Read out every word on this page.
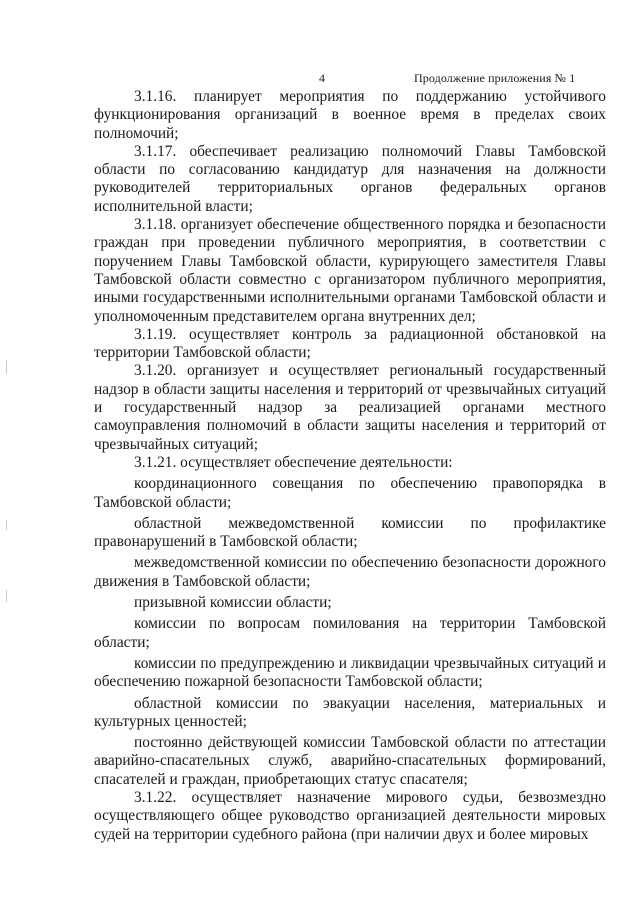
4	Продолжение приложения № 1

3.1.16. планирует мероприятия по поддержанию устойчивого функционирования организаций в военное время в пределах своих полномочий;

3.1.17. обеспечивает реализацию полномочий Главы Тамбовской области по согласованию кандидатур для назначения на должности руководителей территориальных органов федеральных органов исполнительной власти;

3.1.18. организует обеспечение общественного порядка и безопасности граждан при проведении публичного мероприятия, в соответствии с поручением Главы Тамбовской области, курирующего заместителя Главы Тамбовской области совместно с организатором публичного мероприятия, иными государственными исполнительными органами Тамбовской области и уполномоченным представителем органа внутренних дел;

3.1.19. осуществляет контроль за радиационной обстановкой на территории Тамбовской области;

3.1.20. организует и осуществляет региональный государственный надзор в области защиты населения и территорий от чрезвычайных ситуаций и государственный надзор за реализацией органами местного самоуправления полномочий в области защиты населения и территорий от чрезвычайных ситуаций;

3.1.21. осуществляет обеспечение деятельности:

координационного совещания по обеспечению правопорядка в Тамбовской области;

областной межведомственной комиссии по профилактике правонарушений в Тамбовской области;

межведомственной комиссии по обеспечению безопасности дорожного движения в Тамбовской области;

призывной комиссии области;

комиссии по вопросам помилования на территории Тамбовской области;

комиссии по предупреждению и ликвидации чрезвычайных ситуаций и обеспечению пожарной безопасности Тамбовской области;

областной комиссии по эвакуации населения, материальных и культурных ценностей;

постоянно действующей комиссии Тамбовской области по аттестации аварийно-спасательных служб, аварийно-спасательных формирований, спасателей и граждан, приобретающих статус спасателя;

3.1.22. осуществляет назначение мирового судьи, безвозмездно осуществляющего общее руководство организацией деятельности мировых судей на территории судебного района (при наличии двух и более мировых
